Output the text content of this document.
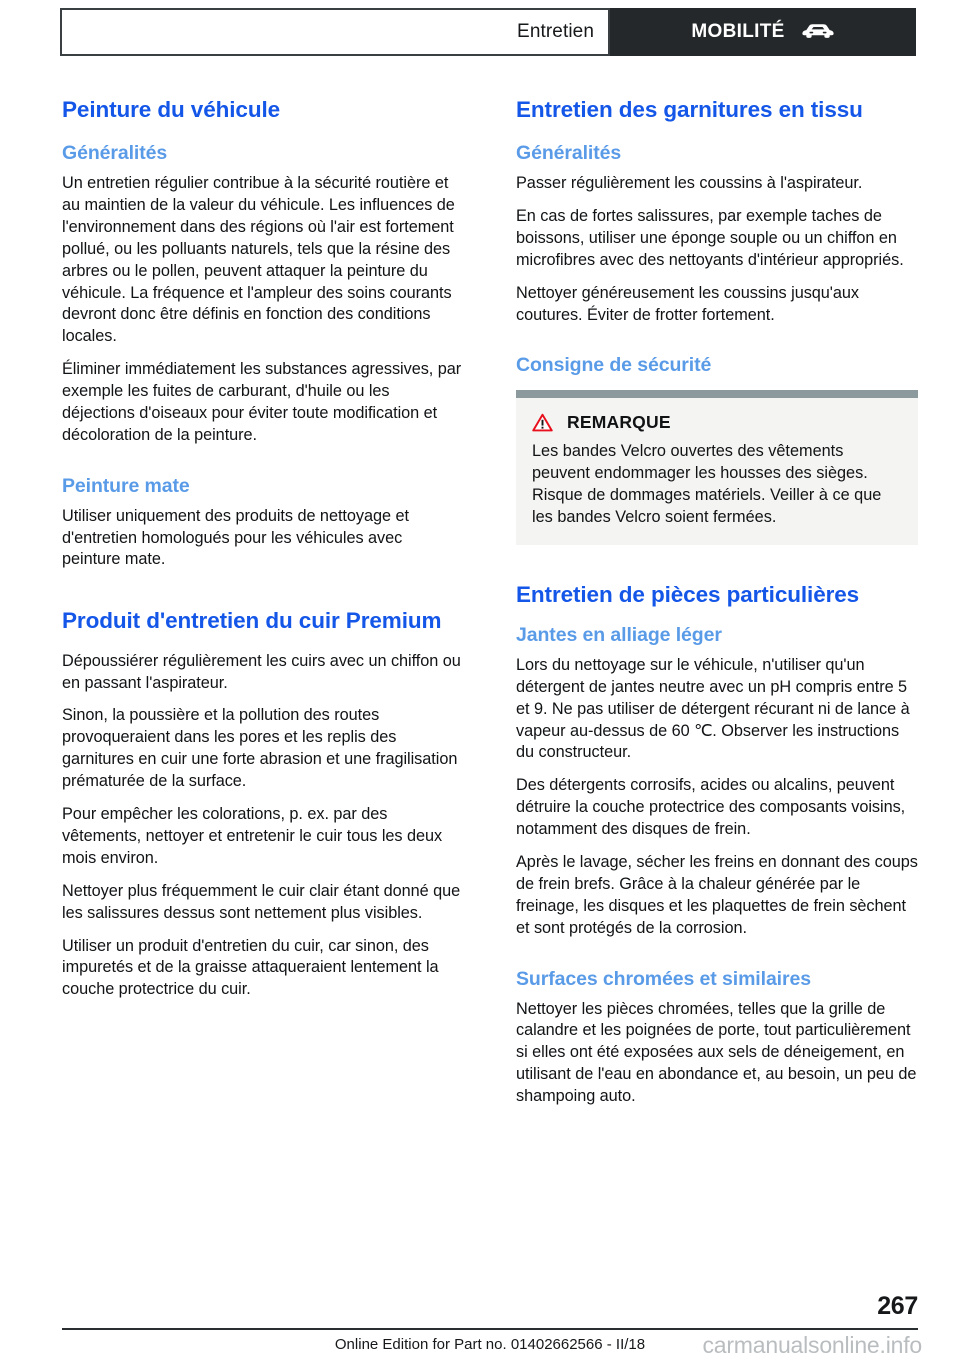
Entretien	MOBILITÉ
Peinture du véhicule
Généralités

Un entretien régulier contribue à la sécurité routière et au maintien de la valeur du véhicule. Les influences de l'environnement dans des régions où l'air est fortement pollué, ou les polluants naturels, tels que la résine des arbres ou le pollen, peuvent attaquer la peinture du véhicule. La fréquence et l'ampleur des soins courants devront donc être définis en fonction des conditions locales.

Éliminer immédiatement les substances agressives, par exemple les fuites de carburant, d'huile ou les déjections d'oiseaux pour éviter toute modification et décoloration de la peinture.

Peinture mate

Utiliser uniquement des produits de nettoyage et d'entretien homologués pour les véhicules avec peinture mate.

Produit d'entretien du cuir Premium

Dépoussiérer régulièrement les cuirs avec un chiffon ou en passant l'aspirateur.

Sinon, la poussière et la pollution des routes provoqueraient dans les pores et les replis des garnitures en cuir une forte abrasion et une fragilisation prématurée de la surface.

Pour empêcher les colorations, p. ex. par des vêtements, nettoyer et entretenir le cuir tous les deux mois environ.

Nettoyer plus fréquemment le cuir clair étant donné que les salissures dessus sont nettement plus visibles.

Utiliser un produit d'entretien du cuir, car sinon, des impuretés et de la graisse attaqueraient lentement la couche protectrice du cuir.

Entretien des garnitures en tissu
Généralités

Passer régulièrement les coussins à l'aspirateur.

En cas de fortes salissures, par exemple taches de boissons, utiliser une éponge souple ou un chiffon en microfibres avec des nettoyants d'intérieur appropriés.

Nettoyer généreusement les coussins jusqu'aux coutures. Éviter de frotter fortement.

Consigne de sécurité
REMARQUE

Les bandes Velcro ouvertes des vêtements peuvent endommager les housses des sièges. Risque de dommages matériels. Veiller à ce que les bandes Velcro soient fermées.

Entretien de pièces particulières
Jantes en alliage léger

Lors du nettoyage sur le véhicule, n'utiliser qu'un détergent de jantes neutre avec un pH compris entre 5 et 9. Ne pas utiliser de détergent récurant ni de lance à vapeur au-dessus de 60 ℃. Observer les instructions du constructeur.

Des détergents corrosifs, acides ou alcalins, peuvent détruire la couche protectrice des composants voisins, notamment des disques de frein.

Après le lavage, sécher les freins en donnant des coups de frein brefs. Grâce à la chaleur générée par le freinage, les disques et les plaquettes de frein sèchent et sont protégés de la corrosion.

Surfaces chromées et similaires

Nettoyer les pièces chromées, telles que la grille de calandre et les poignées de porte, tout particulièrement si elles ont été exposées aux sels de déneigement, en utilisant de l'eau en abondance et, au besoin, un peu de shampoing auto.

267
Online Edition for Part no. 01402662566 - II/18	carmanualsonline.info
